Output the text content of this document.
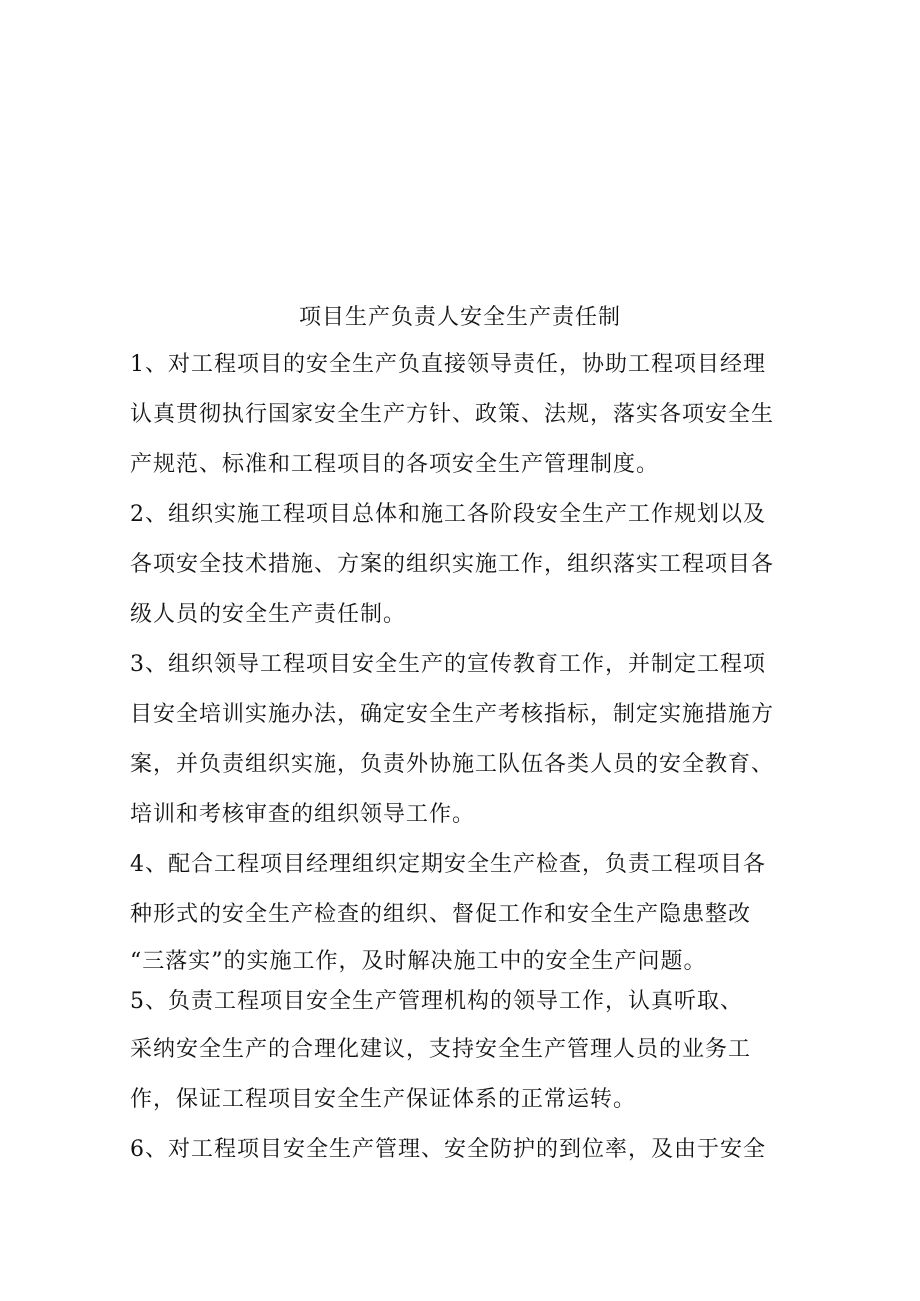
项目生产负责人安全生产责任制

1、对工程项目的安全生产负直接领导责任，协助工程项目经理

认真贯彻执行国家安全生产方针、政策、法规，落实各项安全生

产规范、标准和工程项目的各项安全生产管理制度。

2、组织实施工程项目总体和施工各阶段安全生产工作规划以及

各项安全技术措施、方案的组织实施工作，组织落实工程项目各

级人员的安全生产责任制。

3、组织领导工程项目安全生产的宣传教育工作，并制定工程项

目安全培训实施办法，确定安全生产考核指标，制定实施措施方

案，并负责组织实施，负责外协施工队伍各类人员的安全教育、

培训和考核审查的组织领导工作。

4、配合工程项目经理组织定期安全生产检查，负责工程项目各

种形式的安全生产检查的组织、督促工作和安全生产隐患整改

“三落实”的实施工作，及时解决施工中的安全生产问题。

5、负责工程项目安全生产管理机构的领导工作，认真听取、

采纳安全生产的合理化建议，支持安全生产管理人员的业务工

作，保证工程项目安全生产保证体系的正常运转。

6、对工程项目安全生产管理、安全防护的到位率，及由于安全
